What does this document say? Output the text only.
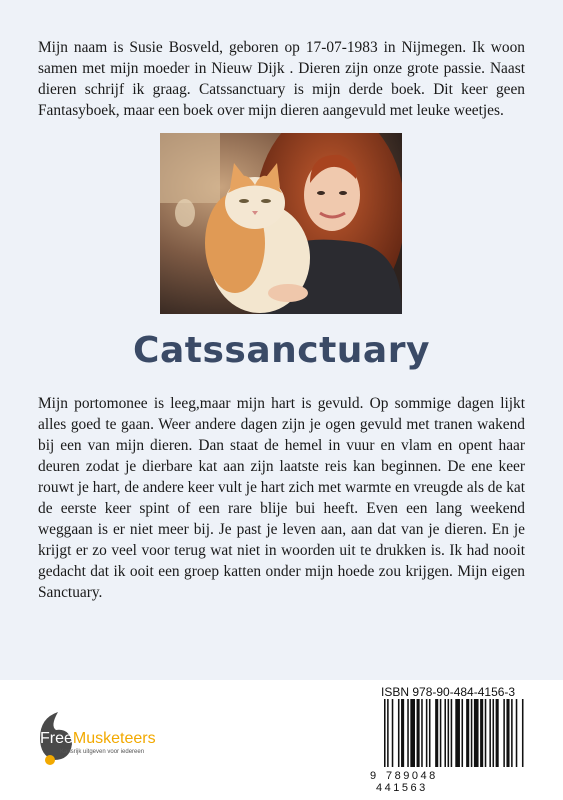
Mijn naam is Susie Bosveld, geboren op 17-07-1983 in Nijmegen. Ik woon samen met mijn moeder in Nieuw Dijk . Dieren zijn onze grote passie. Naast dieren schrijf ik graag. Catssanctuary is mijn derde boek. Dit keer geen Fantasyboek, maar een boek over mijn dieren aangevuld met leuke weetjes.
Catssanctuary
Mijn portomonee is leeg,maar mijn hart is gevuld. Op sommige dagen lijkt alles goed te gaan. Weer andere dagen zijn je ogen gevuld met tranen wakend bij een van mijn dieren. Dan staat de hemel in vuur en vlam en opent haar deuren zodat je dierbare kat aan zijn laatste reis kan beginnen. De ene keer rouwt je hart, de andere keer vult je hart zich met warmte en vreugde als de kat de eerste keer spint of een rare blije bui heeft. Even een lang weekend weggaan is er niet meer bij. Je past je leven aan, aan dat van je dieren. En je krijgt er zo veel voor terug wat niet in woorden uit te drukken is. Ik had nooit gedacht dat ik ooit een groep katten onder mijn hoede zou krijgen. Mijn eigen Sanctuary.
FreeMusketeers
Kansrijk uitgeven voor iedereen
ISBN 978-90-484-4156-3
9 789048441563
